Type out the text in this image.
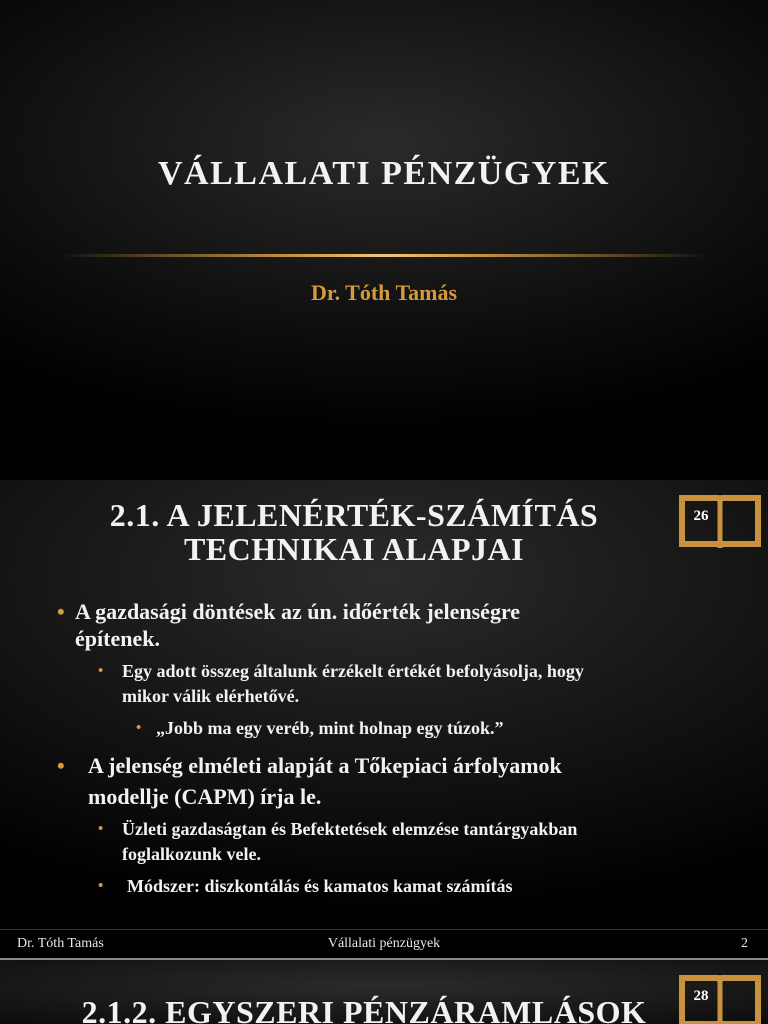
VÁLLALATI PÉNZÜGYEK
Dr. Tóth Tamás
2.1. A JELENÉRTÉK-SZÁMÍTÁS
TECHNIKAI ALAPJAI
26
• A gazdasági döntések az ún. időérték jelenségre
építenek.
•	Egy adott összeg általunk érzékelt értékét befolyásolja, hogy
mikor válik elérhetővé.
• „Jobb ma egy veréb, mint holnap egy túzok.”
•	A jelenség elméleti alapját a Tőkepiaci árfolyamok
modellje (CAPM) írja le.
•	Üzleti gazdaságtan és Befektetések elemzése tantárgyakban
foglalkozunk vele.
•	Módszer: diszkontálás és kamatos kamat számítás
Dr. Tóth Tamás	Vállalati pénzügyek	2
2.1.2. EGYSZERI PÉNZÁRAMLÁSOK	28
